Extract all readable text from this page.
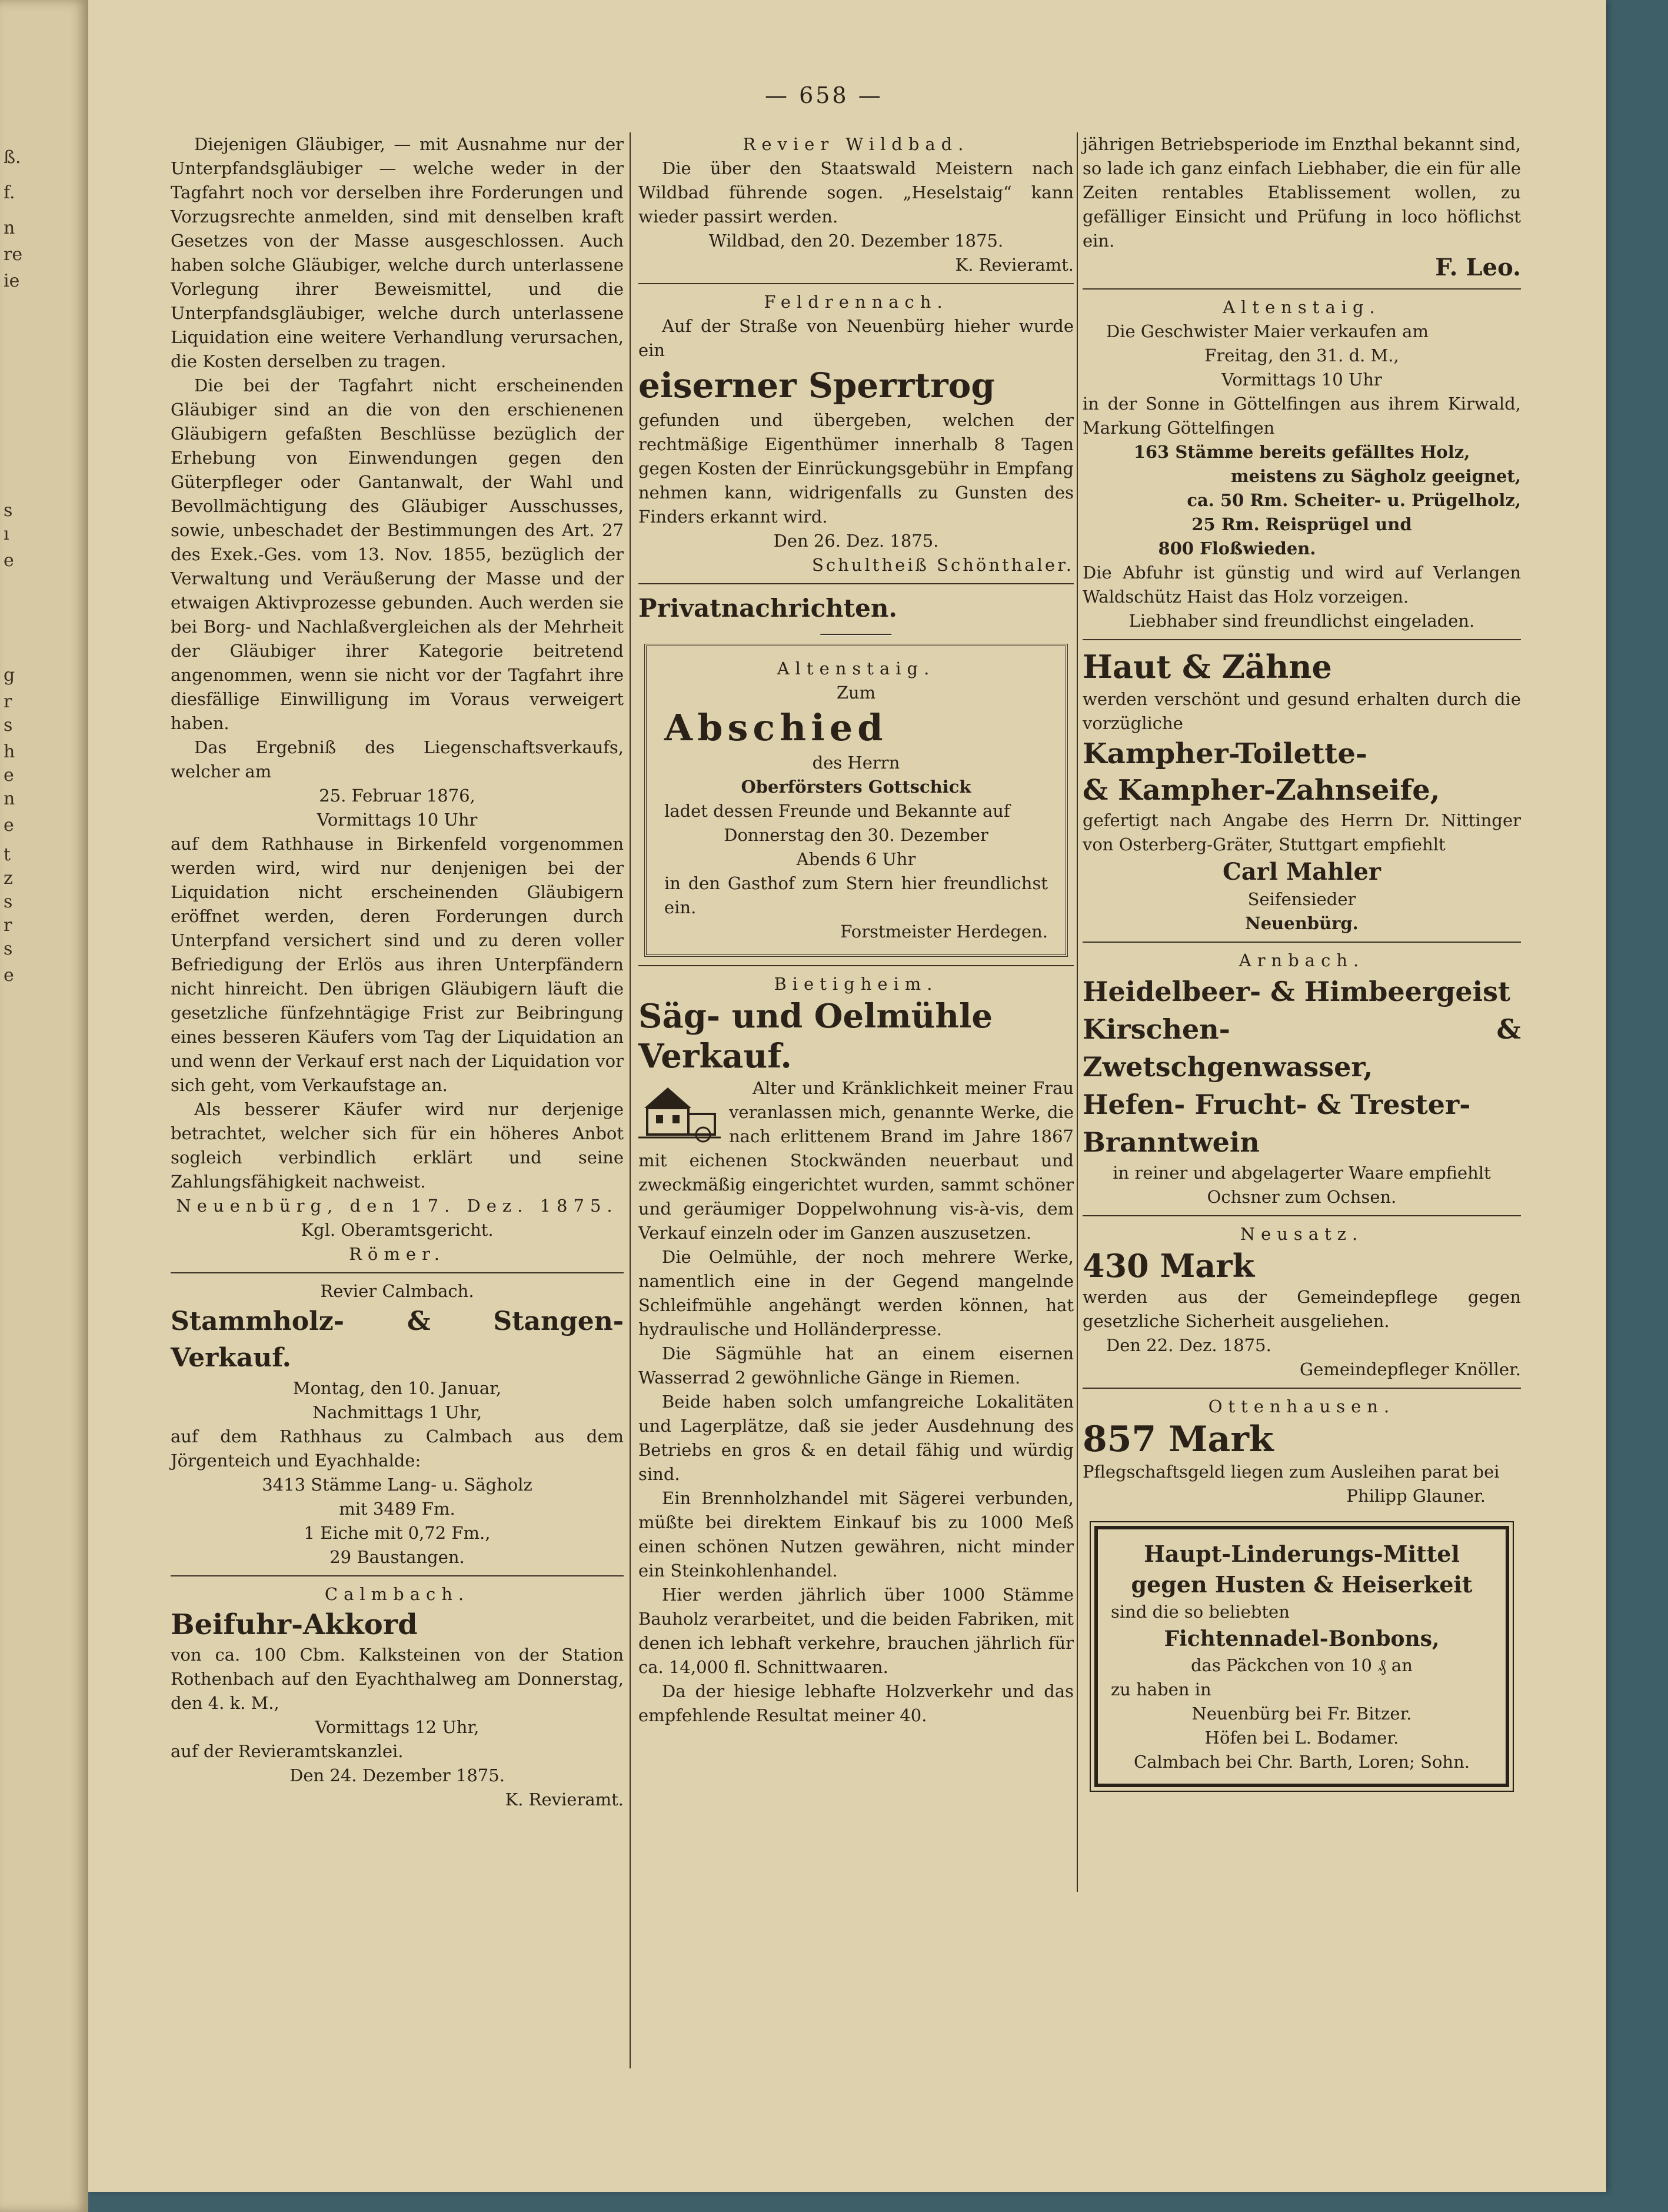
ß.
f.
n
re
ie
s
ı
e
g
r
s
h
e
n
e
t
z
s
r
s
e
— 658 —

Diejenigen Gläubiger, — mit Ausnahme nur der Unterpfandsgläubiger — welche weder in der Tagfahrt noch vor derselben ihre Forderungen und Vorzugsrechte anmelden, sind mit denselben kraft Gesetzes von der Masse ausgeschlossen. Auch haben solche Gläubiger, welche durch unterlassene Vorlegung ihrer Beweismittel, und die Unterpfandsgläubiger, welche durch unterlassene Liquidation eine weitere Verhandlung verursachen, die Kosten derselben zu tragen.

Die bei der Tagfahrt nicht erscheinenden Gläubiger sind an die von den erschienenen Gläubigern gefaßten Beschlüsse bezüglich der Erhebung von Einwendungen gegen den Güterpfleger oder Gantanwalt, der Wahl und Bevollmächtigung des Gläubiger Ausschusses, sowie, unbeschadet der Bestimmungen des Art. 27 des Exek.-Ges. vom 13. Nov. 1855, bezüglich der Verwaltung und Veräußerung der Masse und der etwaigen Aktivprozesse gebunden. Auch werden sie bei Borg- und Nachlaßvergleichen als der Mehrheit der Gläubiger ihrer Kategorie beitretend angenommen, wenn sie nicht vor der Tagfahrt ihre diesfällige Einwilligung im Voraus verweigert haben.

Das Ergebniß des Liegenschaftsverkaufs, welcher am

25. Februar 1876,

Vormittags 10 Uhr

auf dem Rathhause in Birkenfeld vorgenommen werden wird, wird nur denjenigen bei der Liquidation nicht erscheinenden Gläubigern eröffnet werden, deren Forderungen durch Unterpfand versichert sind und zu deren voller Befriedigung der Erlös aus ihren Unterpfändern nicht hinreicht. Den übrigen Gläubigern läuft die gesetzliche fünfzehntägige Frist zur Beibringung eines besseren Käufers vom Tag der Liquidation an und wenn der Verkauf erst nach der Liquidation vor sich geht, vom Verkaufstage an.

Als besserer Käufer wird nur derjenige betrachtet, welcher sich für ein höheres Anbot sogleich verbindlich erklärt und seine Zahlungsfähigkeit nachweist.

Neuenbürg, den 17. Dez. 1875.

Kgl. Oberamtsgericht.

Römer.

Revier Calmbach.

Stammholz- & Stangen-Verkauf.

Montag, den 10. Januar,

Nachmittags 1 Uhr,

auf dem Rathhaus zu Calmbach aus dem Jörgenteich und Eyachhalde:

3413 Stämme Lang- u. Sägholz

mit 3489 Fm.

1 Eiche mit 0,72 Fm.,

29 Baustangen.

Calmbach.

Beifuhr-Akkord

von ca. 100 Cbm. Kalksteinen von der Station Rothenbach auf den Eyachthalweg am Donnerstag, den 4. k. M.,

Vormittags 12 Uhr,

auf der Revieramtskanzlei.

Den 24. Dezember 1875.

K. Revieramt.

Revier Wildbad.

Die über den Staatswald Meistern nach Wildbad führende sogen. „Heselstaig“ kann wieder passirt werden.

Wildbad, den 20. Dezember 1875.

K. Revieramt.

Feldrennach.

Auf der Straße von Neuenbürg hieher wurde ein

eiserner Sperrtrog

gefunden und übergeben, welchen der rechtmäßige Eigenthümer innerhalb 8 Tagen gegen Kosten der Einrückungsgebühr in Empfang nehmen kann, widrigenfalls zu Gunsten des Finders erkannt wird.

Den 26. Dez. 1875.

Schultheiß Schönthaler.

Privatnachrichten.

Altenstaig.

Zum

Abschied

des Herrn

Oberförsters Gottschick

ladet dessen Freunde und Bekannte auf

Donnerstag den 30. Dezember

Abends 6 Uhr

in den Gasthof zum Stern hier freundlichst ein.

Forstmeister Herdegen.

Bietigheim.

Säg- und Oelmühle

Verkauf.

Alter und Kränklichkeit meiner Frau veranlassen mich, genannte Werke, die nach erlittenem Brand im Jahre 1867 mit eichenen Stockwänden neuerbaut und zweckmäßig eingerichtet wurden, sammt schöner und geräumiger Doppelwohnung vis-à-vis, dem Verkauf einzeln oder im Ganzen auszusetzen.

Die Oelmühle, der noch mehrere Werke, namentlich eine in der Gegend mangelnde Schleifmühle angehängt werden können, hat hydraulische und Holländerpresse.

Die Sägmühle hat an einem eisernen Wasserrad 2 gewöhnliche Gänge in Riemen.

Beide haben solch umfangreiche Lokalitäten und Lagerplätze, daß sie jeder Ausdehnung des Betriebs en gros & en detail fähig und würdig sind.

Ein Brennholzhandel mit Sägerei verbunden, müßte bei direktem Einkauf bis zu 1000 Meß einen schönen Nutzen gewähren, nicht minder ein Steinkohlenhandel.

Hier werden jährlich über 1000 Stämme Bauholz verarbeitet, und die beiden Fabriken, mit denen ich lebhaft verkehre, brauchen jährlich für ca. 14,000 fl. Schnittwaaren.

Da der hiesige lebhafte Holzverkehr und das empfehlende Resultat meiner 40.

jährigen Betriebsperiode im Enzthal bekannt sind, so lade ich ganz einfach Liebhaber, die ein für alle Zeiten rentables Etablissement wollen, zu gefälliger Einsicht und Prüfung in loco höflichst ein.

F. Leo.

Altenstaig.

Die Geschwister Maier verkaufen am

Freitag, den 31. d. M.,

Vormittags 10 Uhr

in der Sonne in Göttelfingen aus ihrem Kirwald, Markung Göttelfingen

163 Stämme bereits gefälltes Holz,

meistens zu Sägholz geeignet,

ca. 50 Rm. Scheiter- u. Prügelholz,

25 Rm. Reisprügel und

800 Floßwieden.

Die Abfuhr ist günstig und wird auf Verlangen Waldschütz Haist das Holz vorzeigen.

Liebhaber sind freundlichst eingeladen.

Haut & Zähne

werden verschönt und gesund erhalten durch die vorzügliche

Kampher-Toilette-

& Kampher-Zahnseife,

gefertigt nach Angabe des Herrn Dr. Nittinger von Osterberg-Gräter, Stuttgart empfiehlt

Carl Mahler

Seifensieder

Neuenbürg.

Arnbach.

Heidelbeer- & Himbeergeist

Kirschen- & Zwetschgenwasser,

Hefen- Frucht- & Trester-

Branntwein

in reiner und abgelagerter Waare empfiehlt

Ochsner zum Ochsen.

Neusatz.

430 Mark

werden aus der Gemeindepflege gegen gesetzliche Sicherheit ausgeliehen.

Den 22. Dez. 1875.

Gemeindepfleger Knöller.

Ottenhausen.

857 Mark

Pflegschaftsgeld liegen zum Ausleihen parat bei

Philipp Glauner.

Haupt-Linderungs-Mittel

gegen Husten & Heiserkeit

sind die so beliebten

Fichtennadel-Bonbons,

das Päckchen von 10 ₰ an

zu haben in

Neuenbürg bei Fr. Bitzer.

Höfen bei L. Bodamer.

Calmbach bei Chr. Barth, Loren; Sohn.
